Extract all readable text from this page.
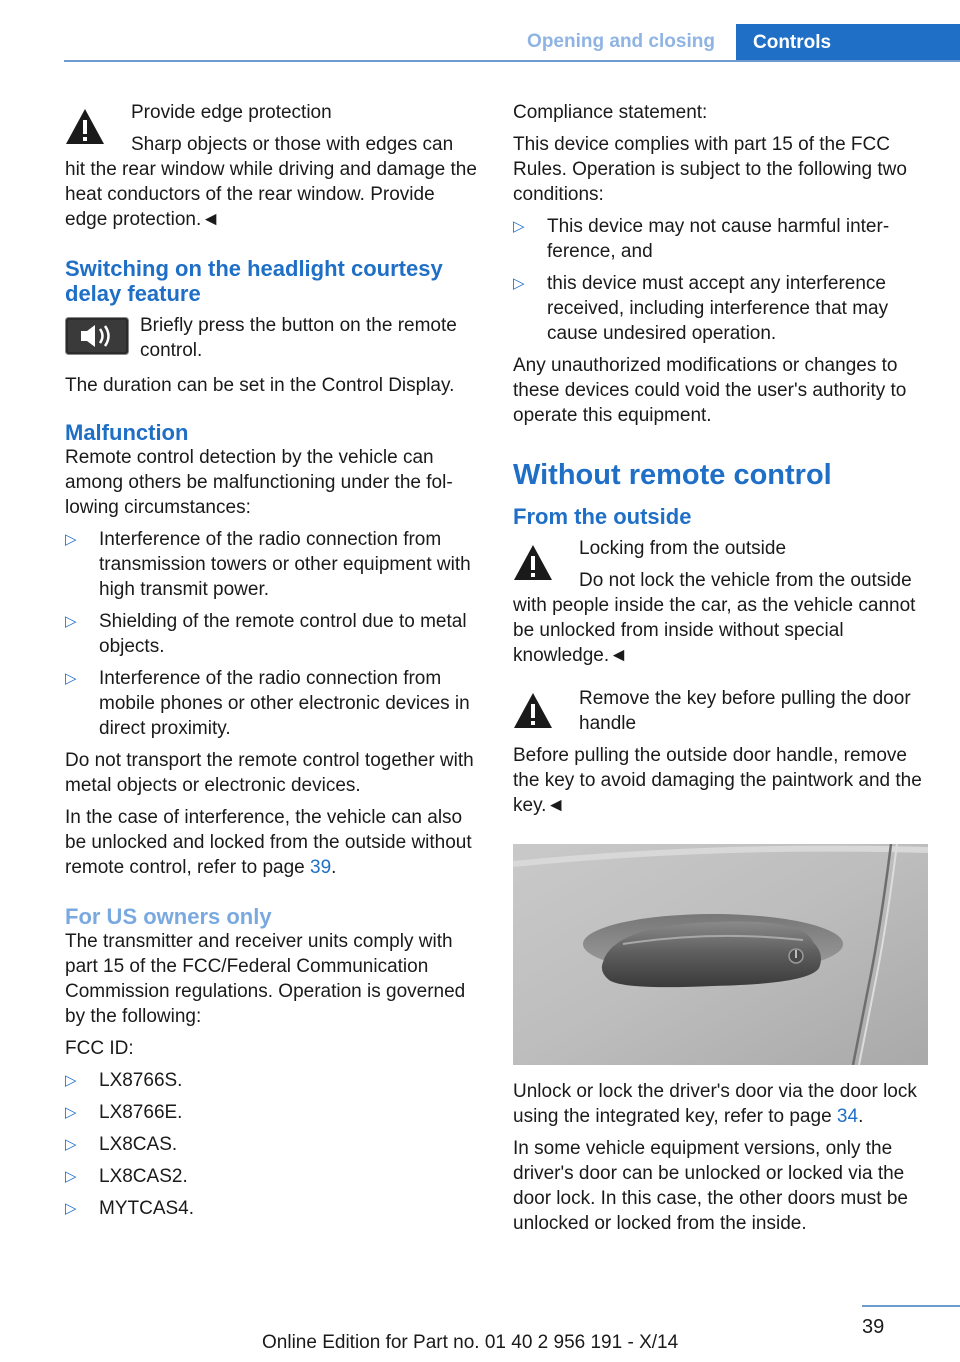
Opening and closing	Controls

Provide edge protection

Sharp objects or those with edges can

hit the rear window while driving and damage the heat conductors of the rear window. Provide edge protection.◄

Switching on the headlight courtesy delay feature

Briefly press the button on the remote control.

The duration can be set in the Control Display.

Malfunction

Remote control detection by the vehicle can among others be malfunctioning under the following circumstances:

▷ Interference of the radio connection from transmission towers or other equipment with high transmit power.
▷ Shielding of the remote control due to metal objects.
▷ Interference of the radio connection from mobile phones or other electronic devices in direct proximity.

Do not transport the remote control together with metal objects or electronic devices.

In the case of interference, the vehicle can also be unlocked and locked from the outside without remote control, refer to page 39.

For US owners only

The transmitter and receiver units comply with part 15 of the FCC/Federal Communication Commission regulations. Operation is governed by the following:

FCC ID:

▷ LX8766S.
▷ LX8766E.
▷ LX8CAS.
▷ LX8CAS2.
▷ MYTCAS4.

Compliance statement:

This device complies with part 15 of the FCC Rules. Operation is subject to the following two conditions:

▷ This device may not cause harmful interference, and
▷ this device must accept any interference received, including interference that may cause undesired operation.

Any unauthorized modifications or changes to these devices could void the user's authority to operate this equipment.

Without remote control
From the outside

Locking from the outside

Do not lock the vehicle from the outside

with people inside the car, as the vehicle cannot be unlocked from inside without special knowledge.◄

Remove the key before pulling the door handle

Before pulling the outside door handle, remove the key to avoid damaging the paintwork and the key.◄

Unlock or lock the driver's door via the door lock using the integrated key, refer to page 34.

In some vehicle equipment versions, only the driver's door can be unlocked or locked via the door lock. In this case, the other doors must be unlocked or locked from the inside.

39
Online Edition for Part no. 01 40 2 956 191 - X/14
